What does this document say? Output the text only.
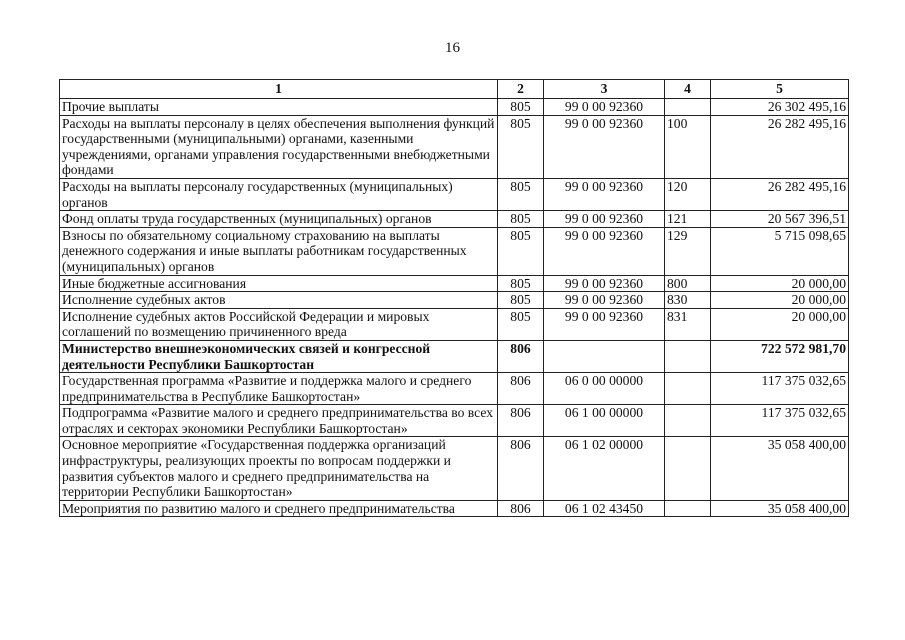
16
1	2	3	4	5
Прочие выплаты	805	99 0 00 92360		26 302 495,16
Расходы на выплаты персоналу в целях обеспечения выполнения функций государственными (муниципальными) органами, казенными учреждениями, органами управления государственными внебюджетными фондами	805	99 0 00 92360	100	26 282 495,16
Расходы на выплаты персоналу государственных (муниципальных) органов	805	99 0 00 92360	120	26 282 495,16
Фонд оплаты труда государственных (муниципальных) органов	805	99 0 00 92360	121	20 567 396,51
Взносы по обязательному социальному страхованию на выплаты денежного содержания и иные выплаты работникам государственных (муниципальных) органов	805	99 0 00 92360	129	5 715 098,65
Иные бюджетные ассигнования	805	99 0 00 92360	800	20 000,00
Исполнение судебных актов	805	99 0 00 92360	830	20 000,00
Исполнение судебных актов Российской Федерации и мировых соглашений по возмещению причиненного вреда	805	99 0 00 92360	831	20 000,00
Министерство внешнеэкономических связей и конгрессной деятельности Республики Башкортостан	806			722 572 981,70
Государственная программа «Развитие и поддержка малого и среднего предпринимательства в Республике Башкортостан»	806	06 0 00 00000		117 375 032,65
Подпрограмма «Развитие малого и среднего предпринимательства во всех отраслях и секторах экономики Республики Башкортостан»	806	06 1 00 00000		117 375 032,65
Основное мероприятие «Государственная поддержка организаций инфраструктуры, реализующих проекты по вопросам поддержки и развития субъектов малого и среднего предпринимательства на территории Республики Башкортостан»	806	06 1 02 00000		35 058 400,00
Мероприятия по развитию малого и среднего предпринимательства	806	06 1 02 43450		35 058 400,00
